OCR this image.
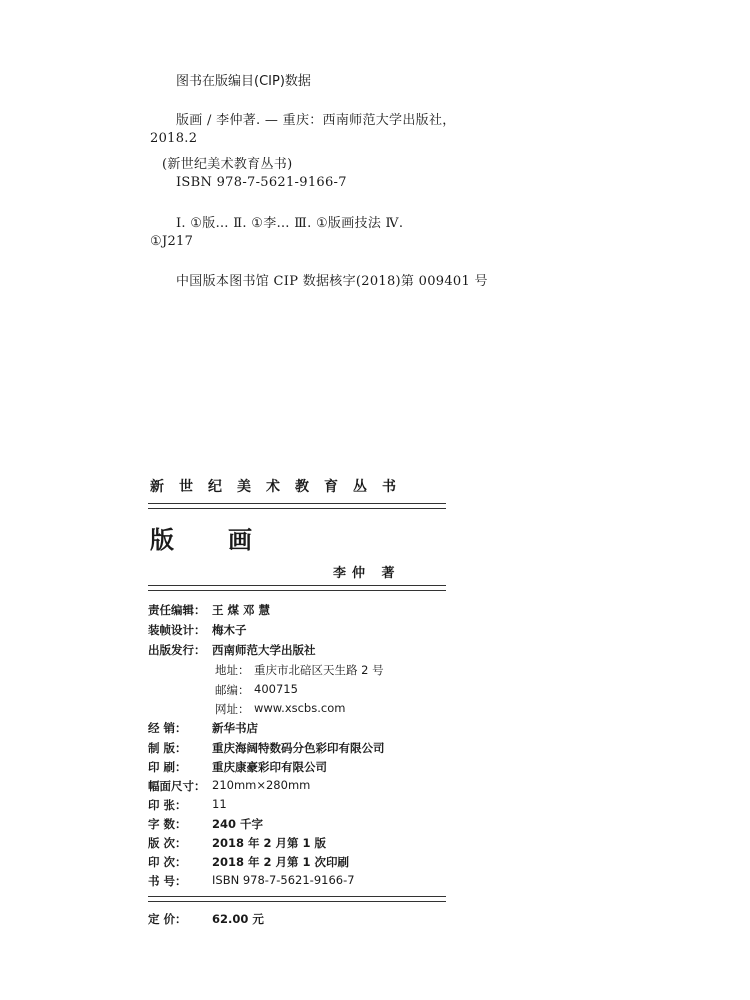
图书在版编目(CIP)数据
版画 / 李仲著. — 重庆：西南师范大学出版社，
2018.2
(新世纪美术教育丛书)
ISBN 978-7-5621-9166-7
Ⅰ. ①版… Ⅱ. ①李… Ⅲ. ①版画技法 Ⅳ.
①J217
中国版本图书馆 CIP 数据核字(2018)第 009401 号
新世纪美术教育丛书
版画
李仲 著
责任编辑： 王 煤 邓 慧
装帧设计： 梅木子
出版发行： 西南师范大学出版社
地址： 重庆市北碚区天生路 2 号
邮编： 400715
网址： www.xscbs.com
经 销： 新华书店
制 版： 重庆海阔特数码分色彩印有限公司
印 刷： 重庆康豪彩印有限公司
幅面尺寸： 210mm×280mm
印 张： 11
字 数： 240 千字
版 次： 2018 年 2 月第 1 版
印 次： 2018 年 2 月第 1 次印刷
书 号： ISBN 978-7-5621-9166-7
定 价： 62.00 元
